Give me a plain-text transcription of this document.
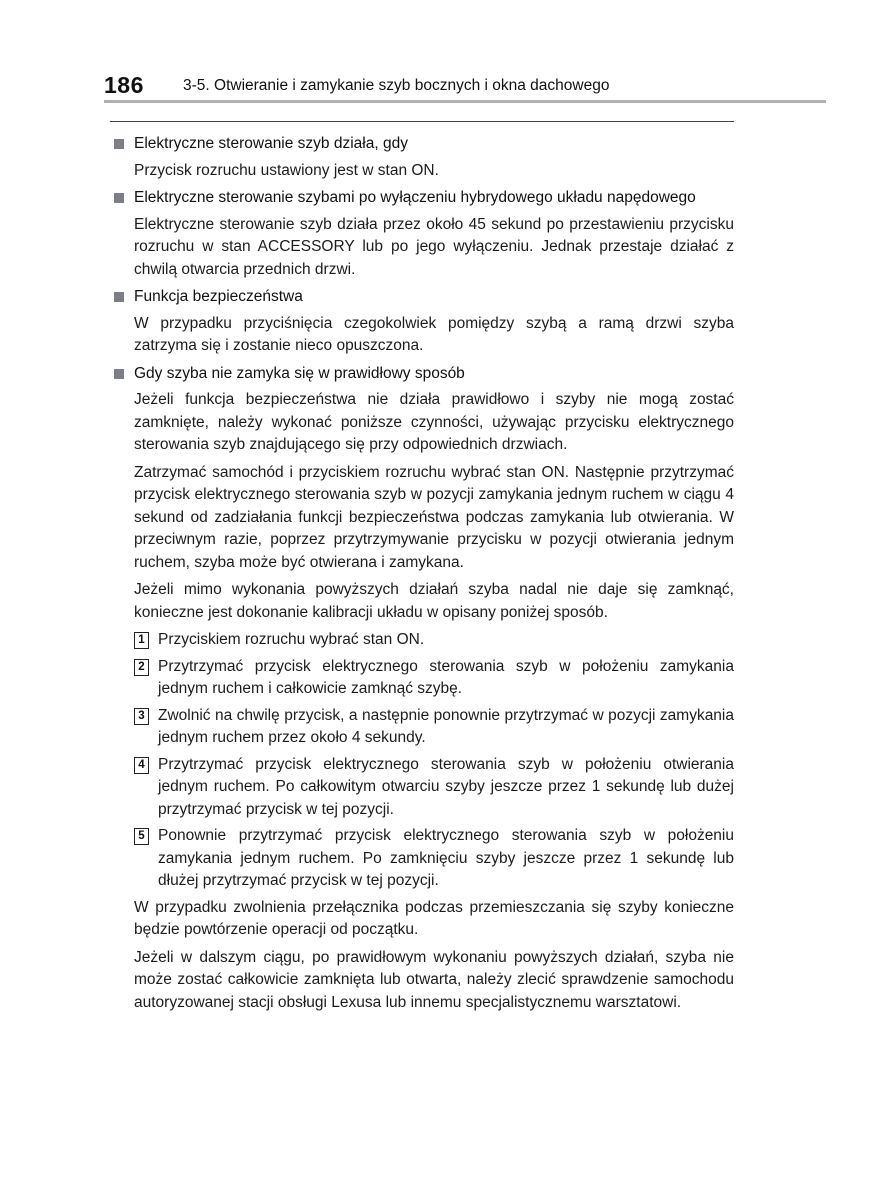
186	3-5. Otwieranie i zamykanie szyb bocznych i okna dachowego
Elektryczne sterowanie szyb działa, gdy

Przycisk rozruchu ustawiony jest w stan ON.

Elektryczne sterowanie szybami po wyłączeniu hybrydowego układu napędowego

Elektryczne sterowanie szyb działa przez około 45 sekund po przestawieniu przycisku rozruchu w stan ACCESSORY lub po jego wyłączeniu. Jednak przestaje działać z chwilą otwarcia przednich drzwi.

Funkcja bezpieczeństwa

W przypadku przyciśnięcia czegokolwiek pomiędzy szybą a ramą drzwi szyba zatrzyma się i zostanie nieco opuszczona.

Gdy szyba nie zamyka się w prawidłowy sposób

Jeżeli funkcja bezpieczeństwa nie działa prawidłowo i szyby nie mogą zostać zamknięte, należy wykonać poniższe czynności, używając przycisku elektrycznego sterowania szyb znajdującego się przy odpowiednich drzwiach.

Zatrzymać samochód i przyciskiem rozruchu wybrać stan ON. Następnie przytrzymać przycisk elektrycznego sterowania szyb w pozycji zamykania jednym ruchem w ciągu 4 sekund od zadziałania funkcji bezpieczeństwa podczas zamykania lub otwierania. W przeciwnym razie, poprzez przytrzymywanie przycisku w pozycji otwierania jednym ruchem, szyba może być otwierana i zamykana.

Jeżeli mimo wykonania powyższych działań szyba nadal nie daje się zamknąć, konieczne jest dokonanie kalibracji układu w opisany poniżej sposób.

1 Przyciskiem rozruchu wybrać stan ON.
2 Przytrzymać przycisk elektrycznego sterowania szyb w położeniu zamykania jednym ruchem i całkowicie zamknąć szybę.
3 Zwolnić na chwilę przycisk, a następnie ponownie przytrzymać w pozycji zamykania jednym ruchem przez około 4 sekundy.
4 Przytrzymać przycisk elektrycznego sterowania szyb w położeniu otwierania jednym ruchem. Po całkowitym otwarciu szyby jeszcze przez 1 sekundę lub dużej przytrzymać przycisk w tej pozycji.
5 Ponownie przytrzymać przycisk elektrycznego sterowania szyb w położeniu zamykania jednym ruchem. Po zamknięciu szyby jeszcze przez 1 sekundę lub dłużej przytrzymać przycisk w tej pozycji.

W przypadku zwolnienia przełącznika podczas przemieszczania się szyby konieczne będzie powtórzenie operacji od początku.

Jeżeli w dalszym ciągu, po prawidłowym wykonaniu powyższych działań, szyba nie może zostać całkowicie zamknięta lub otwarta, należy zlecić sprawdzenie samochodu autoryzowanej stacji obsługi Lexusa lub innemu specjalistycznemu warsztatowi.
